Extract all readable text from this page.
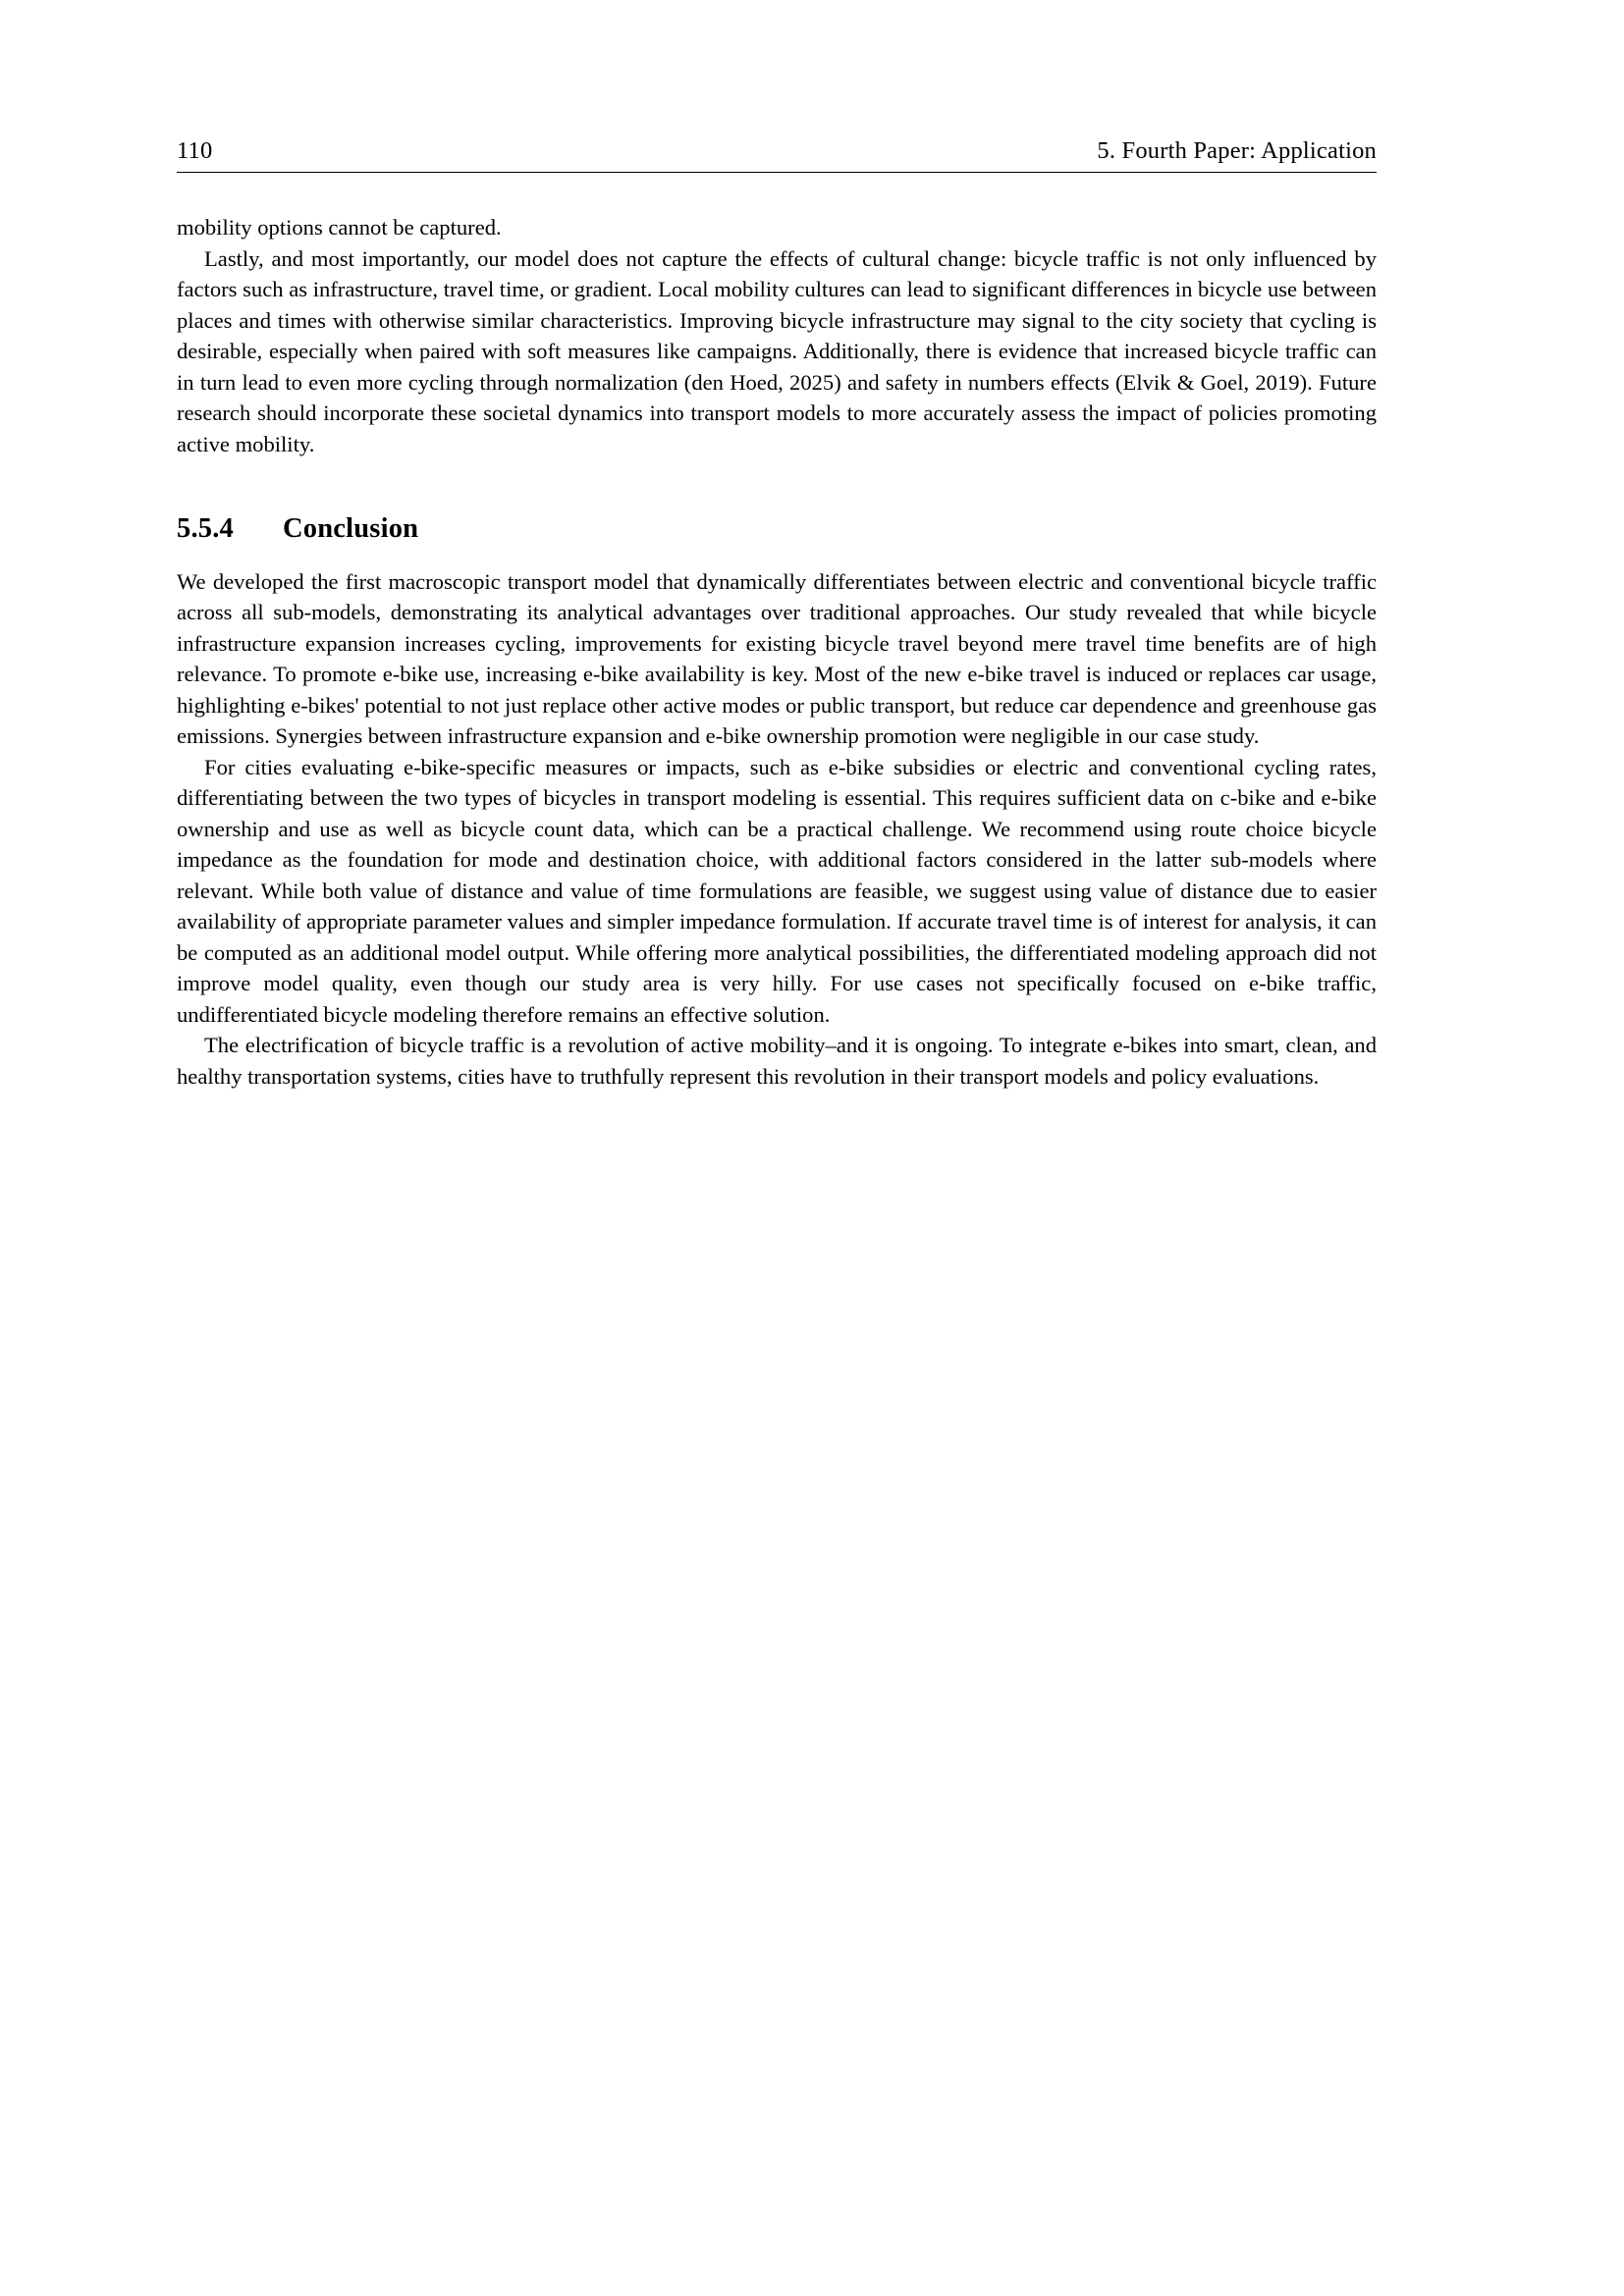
110	5. Fourth Paper: Application

mobility options cannot be captured.

Lastly, and most importantly, our model does not capture the effects of cultural change: bicycle traffic is not only influenced by factors such as infrastructure, travel time, or gradient. Local mobility cultures can lead to significant differences in bicycle use between places and times with otherwise similar characteristics. Improving bicycle infrastructure may signal to the city society that cycling is desirable, especially when paired with soft measures like campaigns. Additionally, there is evidence that increased bicycle traffic can in turn lead to even more cycling through normalization (den Hoed, 2025) and safety in numbers effects (Elvik & Goel, 2019). Future research should incorporate these societal dynamics into transport models to more accurately assess the impact of policies promoting active mobility.

5.5.4 Conclusion

We developed the first macroscopic transport model that dynamically differentiates between electric and conventional bicycle traffic across all sub-models, demonstrating its analytical advantages over traditional approaches. Our study revealed that while bicycle infrastructure expansion increases cycling, improvements for existing bicycle travel beyond mere travel time benefits are of high relevance. To promote e-bike use, increasing e-bike availability is key. Most of the new e-bike travel is induced or replaces car usage, highlighting e-bikes' potential to not just replace other active modes or public transport, but reduce car dependence and greenhouse gas emissions. Synergies between infrastructure expansion and e-bike ownership promotion were negligible in our case study.

For cities evaluating e-bike-specific measures or impacts, such as e-bike subsidies or electric and conventional cycling rates, differentiating between the two types of bicycles in transport modeling is essential. This requires sufficient data on c-bike and e-bike ownership and use as well as bicycle count data, which can be a practical challenge. We recommend using route choice bicycle impedance as the foundation for mode and destination choice, with additional factors considered in the latter sub-models where relevant. While both value of distance and value of time formulations are feasible, we suggest using value of distance due to easier availability of appropriate parameter values and simpler impedance formulation. If accurate travel time is of interest for analysis, it can be computed as an additional model output. While offering more analytical possibilities, the differentiated modeling approach did not improve model quality, even though our study area is very hilly. For use cases not specifically focused on e-bike traffic, undifferentiated bicycle modeling therefore remains an effective solution.

The electrification of bicycle traffic is a revolution of active mobility–and it is ongoing. To integrate e-bikes into smart, clean, and healthy transportation systems, cities have to truthfully represent this revolution in their transport models and policy evaluations.
